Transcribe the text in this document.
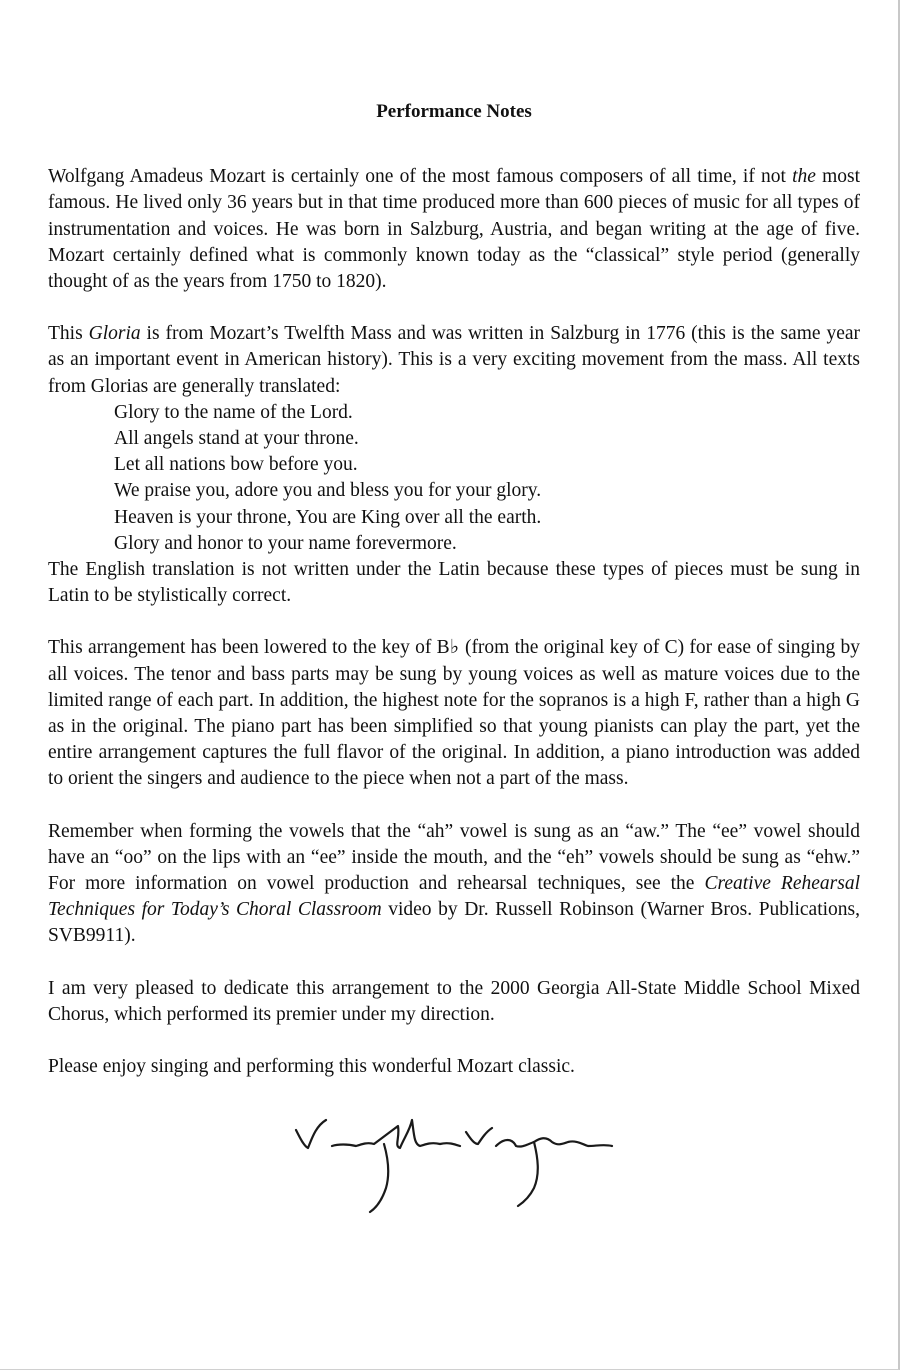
Performance Notes

Wolfgang Amadeus Mozart is certainly one of the most famous composers of all time, if not the most famous. He lived only 36 years but in that time produced more than 600 pieces of music for all types of instrumentation and voices. He was born in Salzburg, Austria, and began writing at the age of five. Mozart certainly defined what is commonly known today as the “classical” style period (generally thought of as the years from 1750 to 1820).

This Gloria is from Mozart’s Twelfth Mass and was written in Salzburg in 1776 (this is the same year as an important event in American history). This is a very exciting movement from the mass. All texts from Glorias are generally translated:

Glory to the name of the Lord.
All angels stand at your throne.
Let all nations bow before you.
We praise you, adore you and bless you for your glory.
Heaven is your throne, You are King over all the earth.
Glory and honor to your name forevermore.

The English translation is not written under the Latin because these types of pieces must be sung in Latin to be stylistically correct.

This arrangement has been lowered to the key of B♭ (from the original key of C) for ease of singing by all voices. The tenor and bass parts may be sung by young voices as well as mature voices due to the limited range of each part. In addition, the highest note for the sopranos is a high F, rather than a high G as in the original. The piano part has been simplified so that young pianists can play the part, yet the entire arrangement captures the full flavor of the original. In addition, a piano introduction was added to orient the singers and audience to the piece when not a part of the mass.

Remember when forming the vowels that the “ah” vowel is sung as an “aw.” The “ee” vowel should have an “oo” on the lips with an “ee” inside the mouth, and the “eh” vowels should be sung as “ehw.” For more information on vowel production and rehearsal techniques, see the Creative Rehearsal Techniques for Today’s Choral Classroom video by Dr. Russell Robinson (Warner Bros. Publications, SVB9911).

I am very pleased to dedicate this arrangement to the 2000 Georgia All-State Middle School Mixed Chorus, which performed its premier under my direction.

Please enjoy singing and performing this wonderful Mozart classic.
